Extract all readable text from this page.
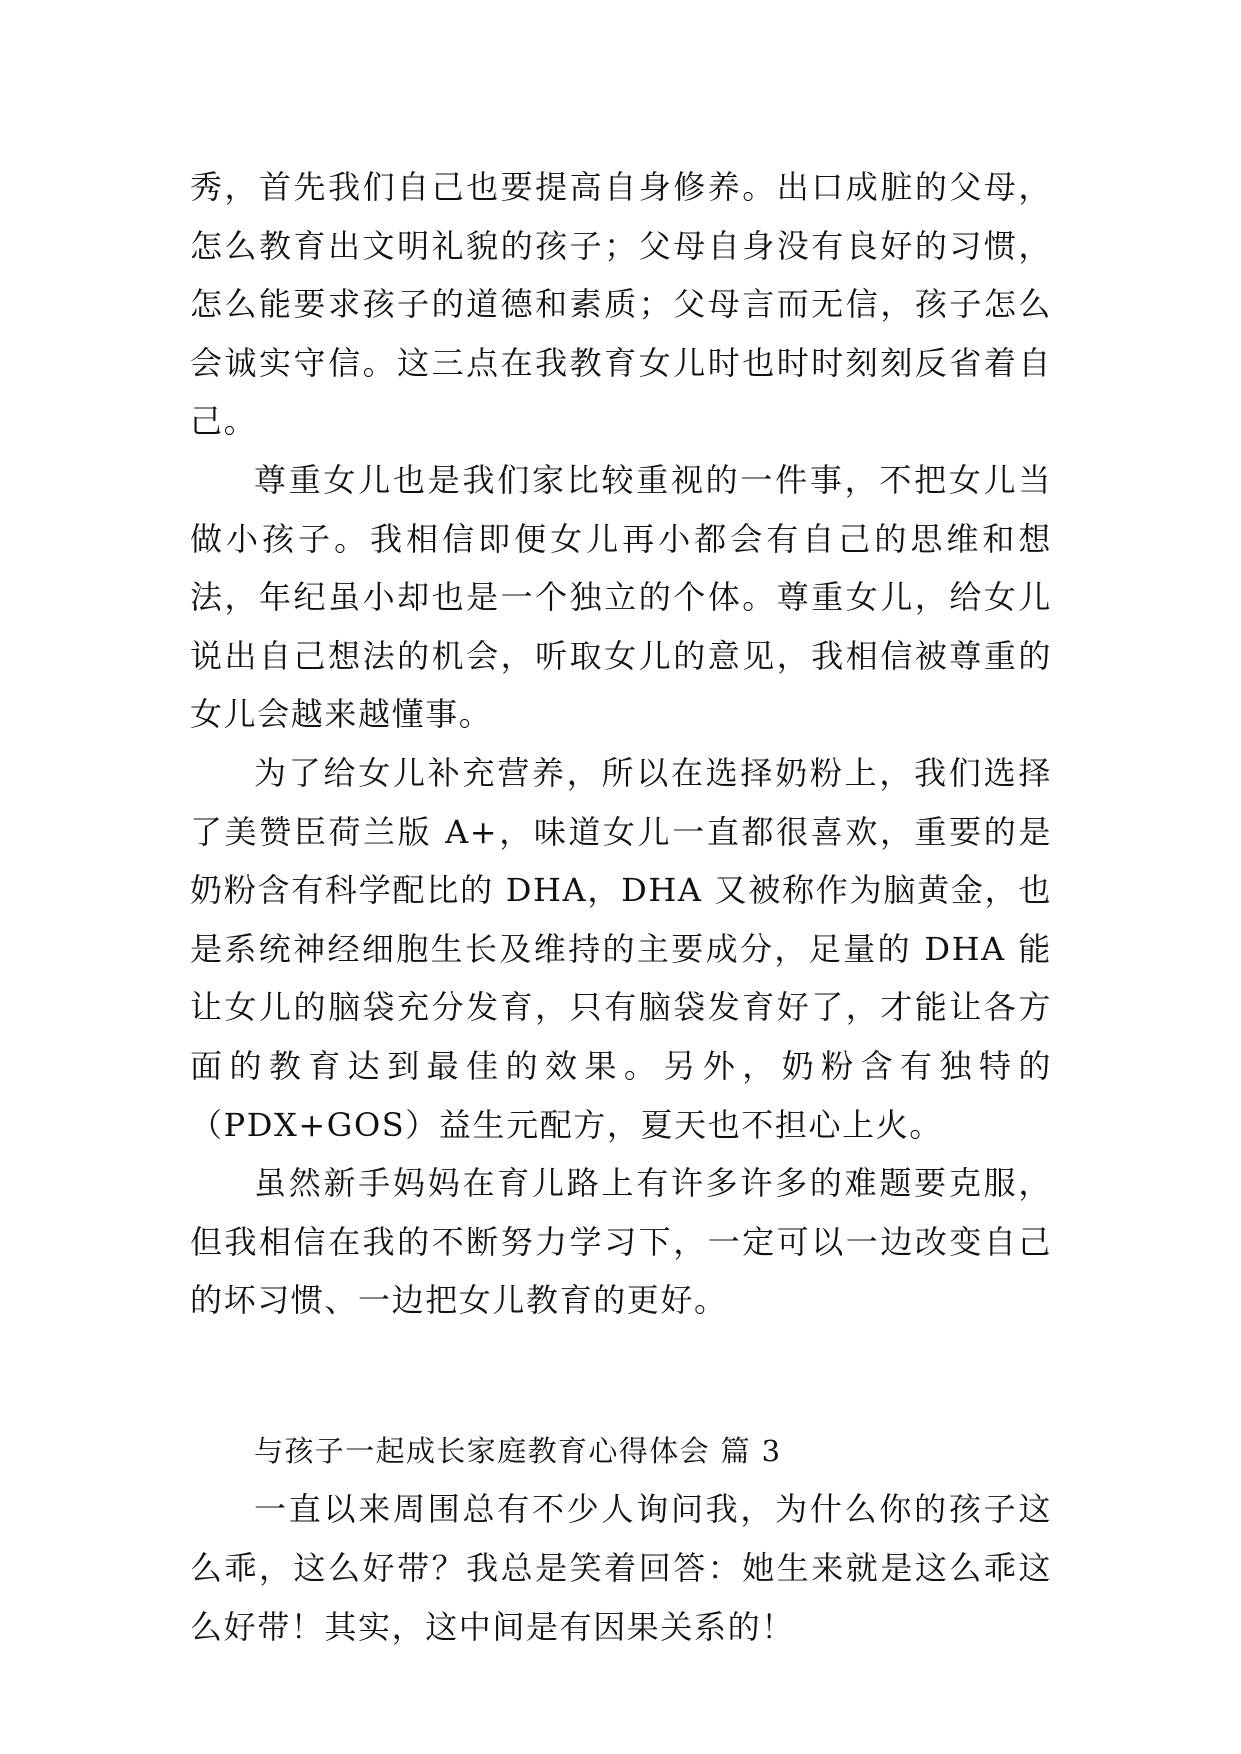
秀，首先我们自己也要提高自身修养。出口成脏的父母，怎么教育出文明礼貌的孩子；父母自身没有良好的习惯，怎么能要求孩子的道德和素质；父母言而无信，孩子怎么会诚实守信。这三点在我教育女儿时也时时刻刻反省着自己。

尊重女儿也是我们家比较重视的一件事，不把女儿当做小孩子。我相信即便女儿再小都会有自己的思维和想法，年纪虽小却也是一个独立的个体。尊重女儿，给女儿说出自己想法的机会，听取女儿的意见，我相信被尊重的女儿会越来越懂事。

为了给女儿补充营养，所以在选择奶粉上，我们选择了美赞臣荷兰版 A+，味道女儿一直都很喜欢，重要的是奶粉含有科学配比的 DHA，DHA 又被称作为脑黄金，也是系统神经细胞生长及维持的主要成分，足量的 DHA 能让女儿的脑袋充分发育，只有脑袋发育好了，才能让各方面的教育达到最佳的效果。另外，奶粉含有独特的（PDX+GOS）益生元配方，夏天也不担心上火。

虽然新手妈妈在育儿路上有许多许多的难题要克服，但我相信在我的不断努力学习下，一定可以一边改变自己的坏习惯、一边把女儿教育的更好。

与孩子一起成长家庭教育心得体会 篇 3

一直以来周围总有不少人询问我，为什么你的孩子这么乖，这么好带？我总是笑着回答：她生来就是这么乖这么好带！其实，这中间是有因果关系的！
